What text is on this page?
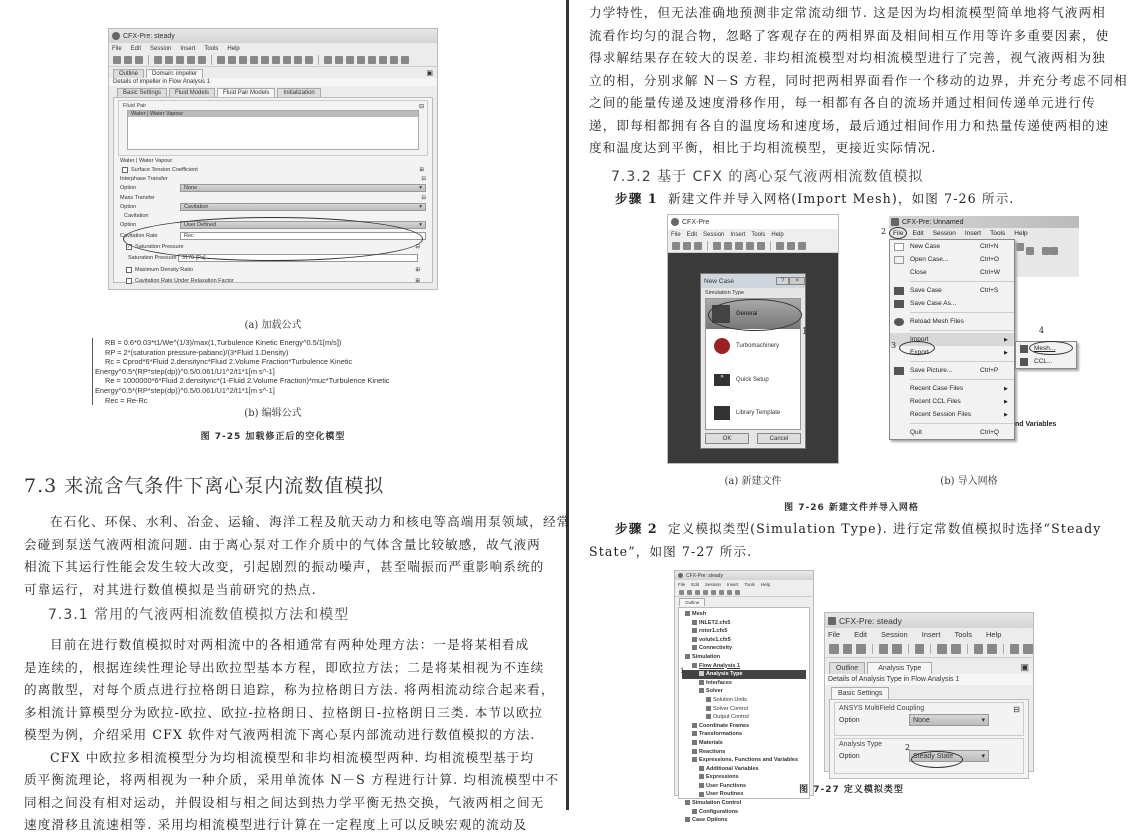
CFX-Pre: steady
File Edit Session Insert Tools Help
Outline	Domain: impeller	▣
Details of impeller in Flow Analysis 1
Basic Settings	Fluid Models	Fluid Pair Models	Initialization
Fluid Pair	⊟
Water | Water Vapour
Water | Water Vapour
Surface Tension Coefficient	⊞
Interphase Transfer	⊟
Option	None	▾
Mass Transfer	⊟
Option	Cavitation	▾
Cavitation
Option	User Defined	▾
Cavitation Rate	Rec
✓ Saturation Pressure	⊟
Saturation Pressure 3170 [Pa]
Maximum Density Ratio	⊞
Cavitation Rate Under Relaxation Factor	⊞
(a) 加载公式
RB = 0.6*0.03*t1/We^(1/3)/max(1,Turbulence Kinetic Energy^0.5/1[m/s])
RP = 2*(saturation pressure-pabanc)/(3*Fluid 1.Density)
Rc = Cprod*6*Fluid 2.densitync*Fluid 2.Volume Fraction*Turbulence Kinetic
Energy^0.5*(RP*step(dp))^0.5/0.061/U1^2/t1*1[m s^-1]
Re = 1000000*6*Fluid 2.densitync*(1-Fluid 2.Volume Fraction)*muc*Turbulence Kinetic
Energy^0.5*(RP*step(dp))^0.5/0.061/U1^2/t1*1[m s^-1]
Rec = Re-Rc
(b) 编辑公式
图 7-25 加载修正后的空化模型
7.3 来流含气条件下离心泵内流数值模拟
在石化、环保、水利、冶金、运输、海洋工程及航天动力和核电等高端用泵领域，经常
会碰到泵送气液两相流问题. 由于离心泵对工作介质中的气体含量比较敏感，故气液两
相流下其运行性能会发生较大改变，引起剧烈的振动噪声，甚至喘振而严重影响系统的
可靠运行，对其进行数值模拟是当前研究的热点.
7.3.1 常用的气液两相流数值模拟方法和模型
目前在进行数值模拟时对两相流中的各相通常有两种处理方法：一是将某相看成
是连续的，根据连续性理论导出欧拉型基本方程，即欧拉方法；二是将某相视为不连续
的离散型，对每个质点进行拉格朗日追踪，称为拉格朗日方法. 将两相流动综合起来看，
多相流计算模型分为欧拉-欧拉、欧拉-拉格朗日、拉格朗日-拉格朗日三类. 本节以欧拉
模型为例，介绍采用 CFX 软件对气液两相流下离心泵内部流动进行数值模拟的方法.
CFX 中欧拉多相流模型分为均相流模型和非均相流模型两种. 均相流模型基于均
质平衡流理论，将两相视为一种介质，采用单流体 N－S 方程进行计算. 均相流模型中不
同相之间没有相对运动，并假设相与相之间达到热力学平衡无热交换，气液两相之间无
速度滑移且流速相等. 采用均相流模型进行计算在一定程度上可以反映宏观的流动及
力学特性，但无法准确地预测非定常流动细节. 这是因为均相流模型简单地将气液两相
流看作均匀的混合物，忽略了客观存在的两相界面及相间相互作用等许多重要因素，使
得求解结果存在较大的误差. 非均相流模型对均相流模型进行了完善，视气液两相为独
立的相，分别求解 N－S 方程，同时把两相界面看作一个移动的边界，并充分考虑不同相
之间的能量传递及速度滑移作用，每一相都有各自的流场并通过相间传递单元进行传
递，即每相都拥有各自的温度场和速度场，最后通过相间作用力和热量传递使两相的速
度和温度达到平衡，相比于均相流模型，更接近实际情况.
7.3.2 基于 CFX 的离心泵气液两相流数值模拟
步骤 1 新建文件并导入网格(Import Mesh)，如图 7-26 所示.
CFX-Pre
File Edit Session Insert Tools Help
New Case	?	×
Simulation Type
General
Turbomachinery
»	Quick Setup
Library Template
OK	Cancel
1
(a) 新建文件
CFX-Pre: Unnamed
File Edit Session Insert Tools Help
2
New Case	Ctrl+N
Open Case...	Ctrl+O
Close	Ctrl+W
Save Case	Ctrl+S
Save Case As...
Reload Mesh Files
Import	▶
Export	▶
Save Picture...	Ctrl+P
Recent Case Files	▶
Recent CCL Files	▶
Recent Session Files	▶
Quit	Ctrl+Q
3	Mesh...
CCL...
4
nd Variables
(b) 导入网格
图 7-26 新建文件并导入网格
步骤 2 定义模拟类型(Simulation Type). 进行定常数值模拟时选择“Steady
State”，如图 7-27 所示.
CFX-Pre: steady
File Edit Session Insert Tools Help
Outline
Mesh
INLET2.cfx5
rotor1.cfx5
volute1.cfx5
Connectivity
Simulation
Flow Analysis 1
Analysis Type
Interfaces
Solver
Solution Units
Solver Control
Output Control
Coordinate Frames
Transformations
Materials
Reactions
Expressions, Functions and Variables
Additional Variables
Expressions
User Functions
User Routines
Simulation Control
Configurations
Case Options
1
CFX-Pre: steady
File Edit Session Insert Tools Help
Outline	Analysis Type	▣
Details of Analysis Type in Flow Analysis 1
Basic Settings
ANSYS MultiField Coupling	⊟
Option	None	▾
Analysis Type
Option	Steady State	▾
2
图 7-27 定义模拟类型
